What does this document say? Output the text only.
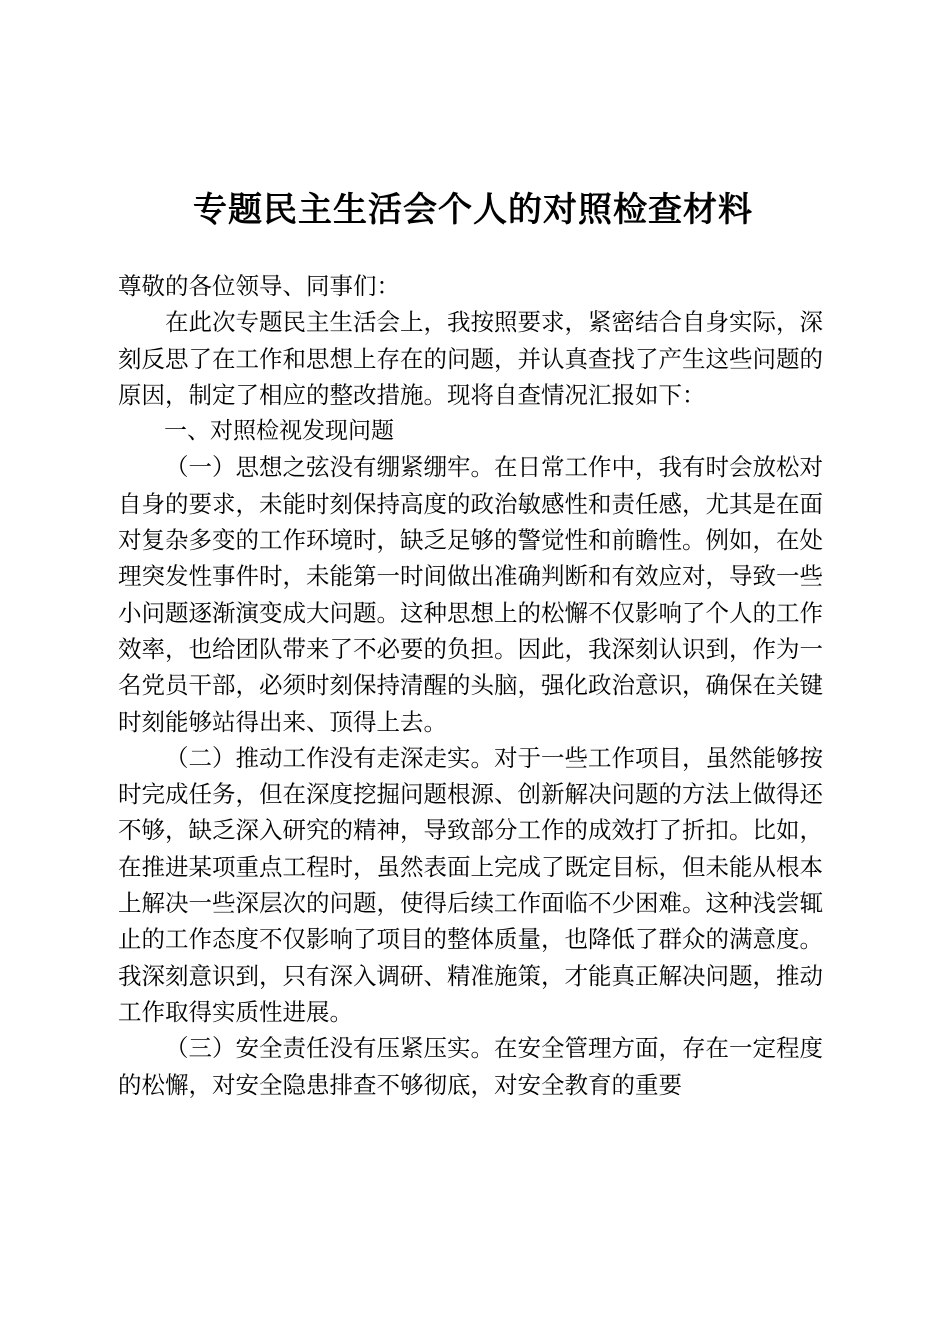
专题民主生活会个人的对照检查材料

尊敬的各位领导、同事们：

在此次专题民主生活会上，我按照要求，紧密结合自身实际，深刻反思了在工作和思想上存在的问题，并认真查找了产生这些问题的原因，制定了相应的整改措施。现将自查情况汇报如下：

一、对照检视发现问题

（一）思想之弦没有绷紧绷牢。在日常工作中，我有时会放松对自身的要求，未能时刻保持高度的政治敏感性和责任感，尤其是在面对复杂多变的工作环境时，缺乏足够的警觉性和前瞻性。例如，在处理突发性事件时，未能第一时间做出准确判断和有效应对，导致一些小问题逐渐演变成大问题。这种思想上的松懈不仅影响了个人的工作效率，也给团队带来了不必要的负担。因此，我深刻认识到，作为一名党员干部，必须时刻保持清醒的头脑，强化政治意识，确保在关键时刻能够站得出来、顶得上去。

（二）推动工作没有走深走实。对于一些工作项目，虽然能够按时完成任务，但在深度挖掘问题根源、创新解决问题的方法上做得还不够，缺乏深入研究的精神，导致部分工作的成效打了折扣。比如，在推进某项重点工程时，虽然表面上完成了既定目标，但未能从根本上解决一些深层次的问题，使得后续工作面临不少困难。这种浅尝辄止的工作态度不仅影响了项目的整体质量，也降低了群众的满意度。我深刻意识到，只有深入调研、精准施策，才能真正解决问题，推动工作取得实质性进展。

（三）安全责任没有压紧压实。在安全管理方面，存在一定程度的松懈，对安全隐患排查不够彻底，对安全教育的重要
